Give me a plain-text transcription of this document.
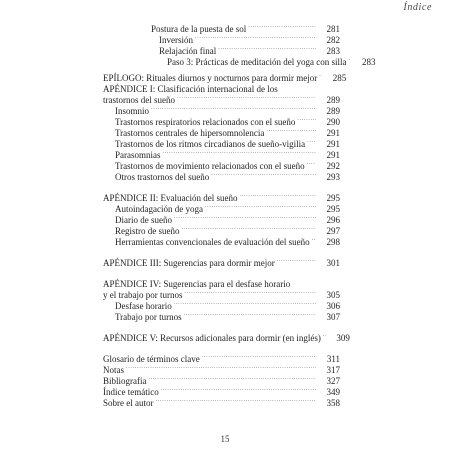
Índice
Postura de la puesta de sol . . .	281
Inversión . . .	282
Relajación final . . .	283
Paso 3: Prácticas de meditación del yoga con silla . . .	283
EPÍLOGO: Rituales diurnos y nocturnos para dormir mejor . . .	285
APÉNDICE I: Clasificación internacional de los
trastornos del sueño . . .	289
Insomnio . . .	289
Trastornos respiratorios relacionados con el sueño . . .	290
Trastornos centrales de hipersomnolencia . . .	291
Trastornos de los ritmos circadianos de sueño-vigilia . . .	291
Parasomnias . . .	291
Trastornos de movimiento relacionados con el sueño . . .	292
Otros trastornos del sueño . . .	293
APÉNDICE II: Evaluación del sueño . . .	295
Autoindagación de yoga . . .	295
Diario de sueño . . .	296
Registro de sueño . . .	297
Herramientas convencionales de evaluación del sueño . . .	298
APÉNDICE III: Sugerencias para dormir mejor . . .	301
APÉNDICE IV: Sugerencias para el desfase horario
y el trabajo por turnos . . .	305
Desfase horario . . .	306
Trabajo por turnos . . .	307
APÉNDICE V: Recursos adicionales para dormir (en inglés) . . .	309
Glosario de términos clave . . .	311
Notas . . .	317
Bibliografía . . .	327
Índice temático . . .	349
Sobre el autor . . .	358
15
